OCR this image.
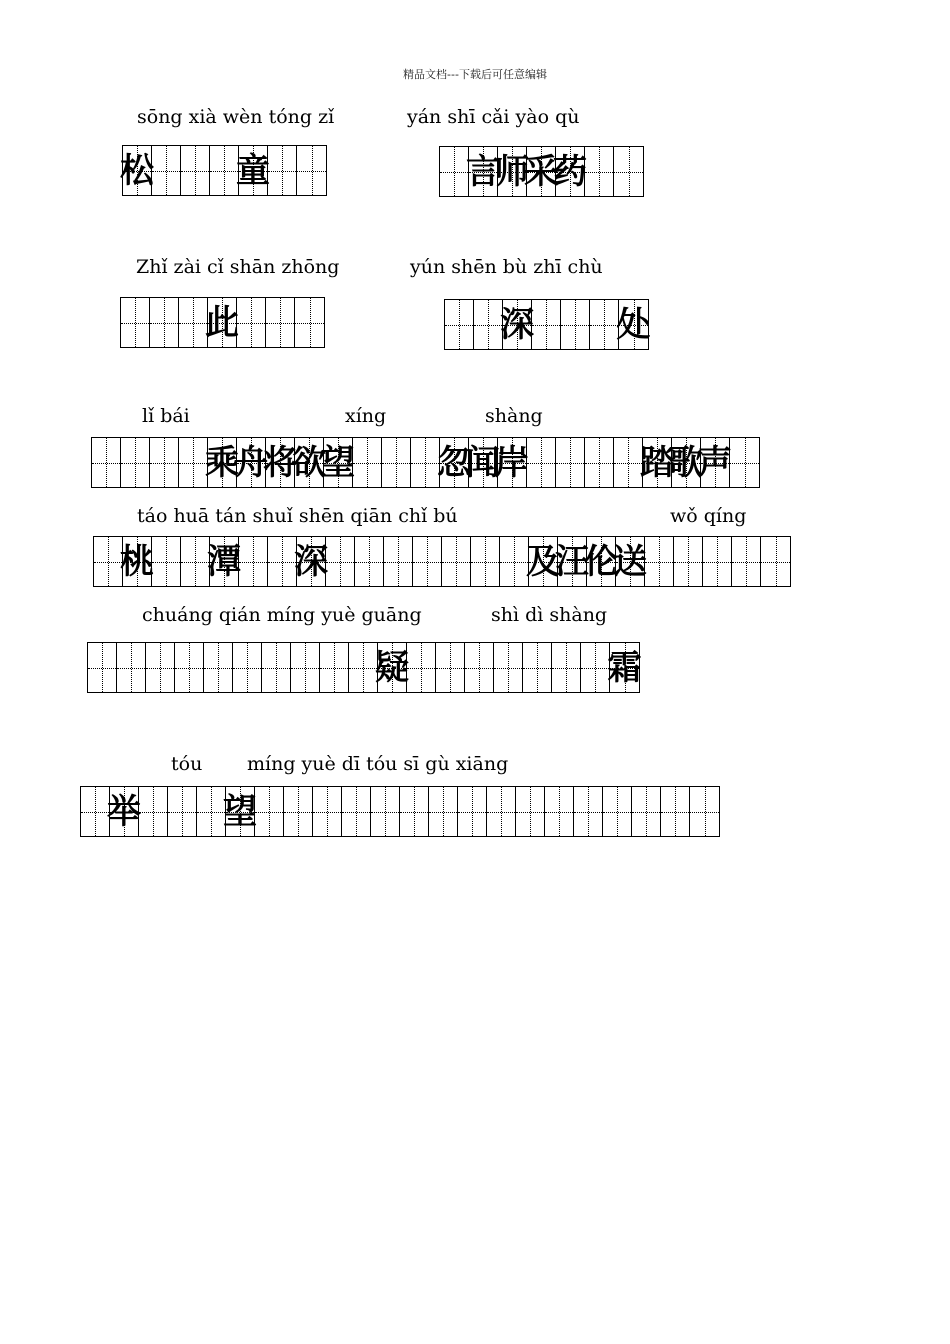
精品文档---下载后可任意编辑
sōng xià wèn tóng zǐ	yán shī cǎi yào qù
松	童	言
师
采
药
Zhǐ zài cǐ shān zhōng	yún shēn bù zhī chù
此	深	处
lǐ bái	xíng	shàng
乘
舟
将
欲
望	忽
闻
岸	踏
歌
声
táo huā tán shuǐ shēn qiān chǐ bú	wǒ qíng
桃	潭	深	及
汪
伦
送
chuáng qián míng yuè guāng	shì dì shàng
疑	霜
tóu míng yuè dī tóu sī gù xiāng
举	望
